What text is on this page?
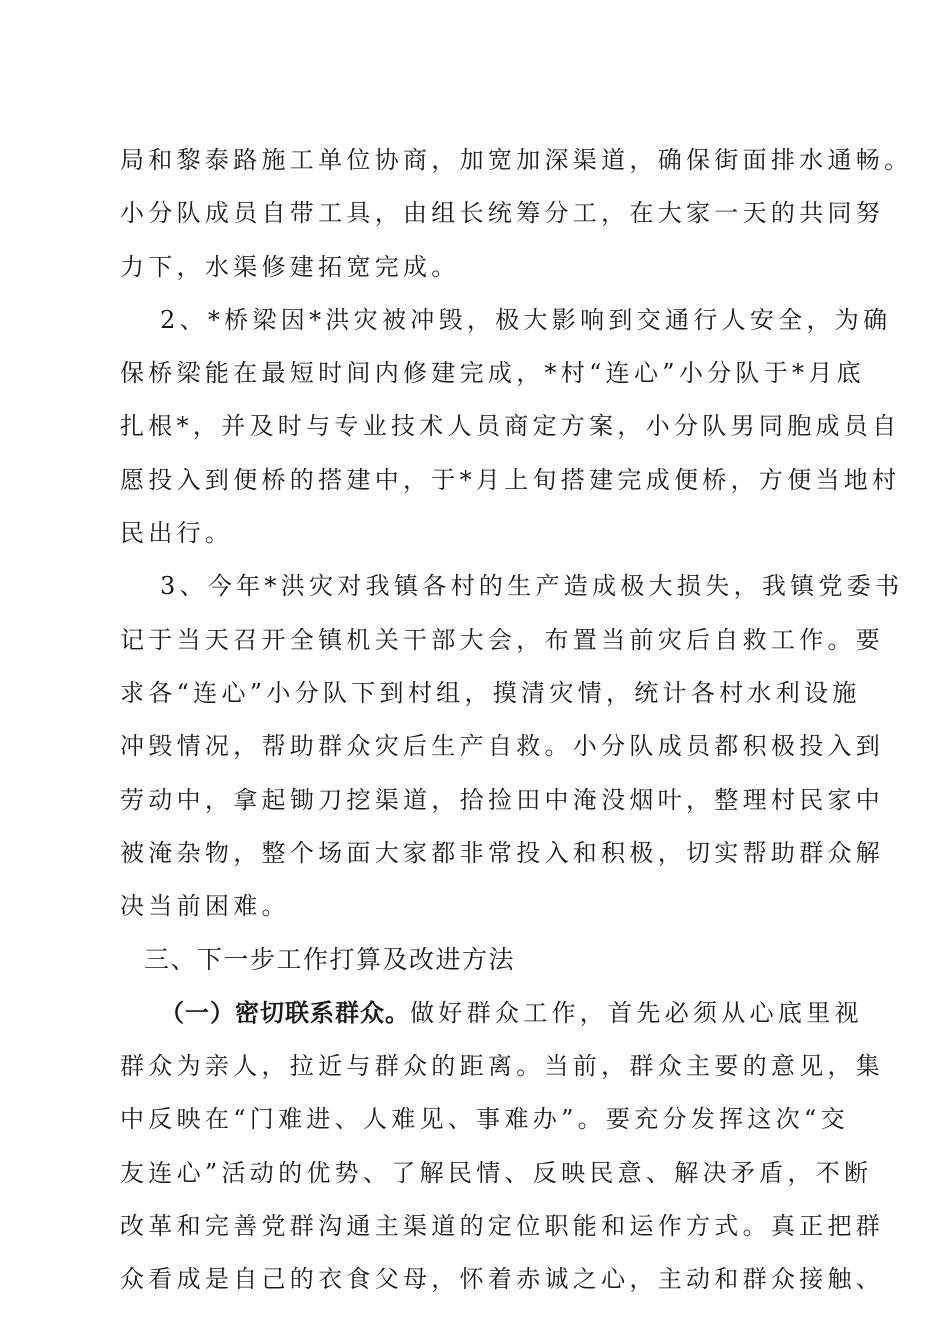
局和黎泰路施工单位协商，加宽加深渠道，确保街面排水通畅。
小分队成员自带工具，由组长统筹分工，在大家一天的共同努
力下，水渠修建拓宽完成。
2、*桥梁因*洪灾被冲毁，极大影响到交通行人安全，为确
保桥梁能在最短时间内修建完成，*村“连心”小分队于*月底
扎根*，并及时与专业技术人员商定方案，小分队男同胞成员自
愿投入到便桥的搭建中，于*月上旬搭建完成便桥，方便当地村
民出行。
3、今年*洪灾对我镇各村的生产造成极大损失，我镇党委书
记于当天召开全镇机关干部大会，布置当前灾后自救工作。要
求各“连心”小分队下到村组，摸清灾情，统计各村水利设施
冲毁情况，帮助群众灾后生产自救。小分队成员都积极投入到
劳动中，拿起锄刀挖渠道，拾捡田中淹没烟叶，整理村民家中
被淹杂物，整个场面大家都非常投入和积极，切实帮助群众解
决当前困难。
三、下一步工作打算及改进方法
（一）密切联系群众。做好群众工作，首先必须从心底里视
群众为亲人，拉近与群众的距离。当前，群众主要的意见，集
中反映在“门难进、人难见、事难办”。要充分发挥这次“交
友连心”活动的优势、了解民情、反映民意、解决矛盾，不断
改革和完善党群沟通主渠道的定位职能和运作方式。真正把群
众看成是自己的衣食父母，怀着赤诚之心，主动和群众接触、
